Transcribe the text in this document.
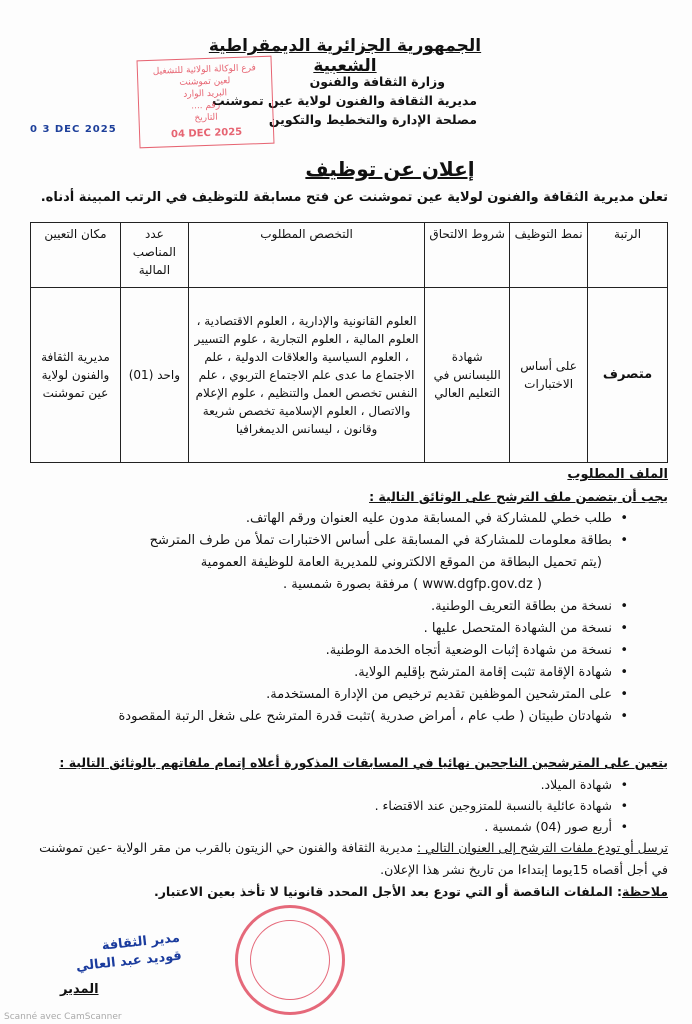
الجمهورية الجزائرية الديمقراطية الشعبية
وزارة الثقافة والفنون
مديرية الثقافة والفنون لولاية عين تموشنت
مصلحة الإدارة والتخطيط والتكوين
فرع الوكالة الولائية للتشغيل
لعين تموشنت
البريد الوارد
رقم ....
التاريخ
04 DEC 2025
0 3 DEC 2025
إعلان عن توظيف
تعلن مديرية الثقافة والفنون لولاية عين تموشنت عن فتح مسابقة للتوظيف في الرتب المبينة أدناه.
الرتبة	نمط التوظيف	شروط الالتحاق	التخصص المطلوب	عدد المناصب المالية	مكان التعيين
متصرف	على أساس الاختبارات	شهادة الليسانس في التعليم العالي	العلوم القانونية والإدارية ، العلوم الاقتصادية ، العلوم المالية ، العلوم التجارية ، علوم التسيير ، العلوم السياسية والعلاقات الدولية ، علم الاجتماع ما عدى علم الاجتماع التربوي ، علم النفس تخصص العمل والتنظيم ، علوم الإعلام والاتصال ، العلوم الإسلامية تخصص شريعة وقانون ، ليسانس الديمغرافيا	واحد (01)	مديرية الثقافة والفنون لولاية عين تموشنت
الملف المطلوب
يجب أن يتضمن ملف الترشح على الوثائق التالية :
• طلب خطي للمشاركة في المسابقة مدون عليه العنوان ورقم الهاتف.
• بطاقة معلومات للمشاركة في المسابقة على أساس الاختبارات تملأ من طرف المترشح
(يتم تحميل البطاقة من الموقع الالكتروني للمديرية العامة للوظيفة العمومية
( www.dgfp.gov.dz ) مرفقة بصورة شمسية .
• نسخة من بطاقة التعريف الوطنية.
• نسخة من الشهادة المتحصل عليها .
• نسخة من شهادة إثبات الوضعية أتجاه الخدمة الوطنية.
• شهادة الإقامة تثبت إقامة المترشح بإقليم الولاية.
• على المترشحين الموظفين تقديم ترخيص من الإدارة المستخدمة.
• شهادتان طبيتان ( طب عام ، أمراض صدرية )تثبت قدرة المترشح على شغل الرتبة المقصودة
يتعين على المترشحين الناجحين نهائيا في المسابقات المذكورة أعلاه إتمام ملفاتهم بالوثائق التالية :
• شهادة الميلاد.
• شهادة عائلية بالنسبة للمتزوجين عند الاقتضاء .
• أربع صور (04) شمسية .
ترسل أو تودع ملفات الترشح إلى العنوان التالي : مديرية الثقافة والفنون حي الزيتون بالقرب من مقر الولاية -عين تموشنت في أجل أقصاه 15يوما إبتداءا من تاريخ نشر هذا الإعلان.
ملاحظة: الملفات الناقصة أو التي تودع بعد الأجل المحدد قانونيا لا تأخذ بعين الاعتبار.
مدير الثقافة
قوديد عبد العالي
المدير
Scanné avec CamScanner
